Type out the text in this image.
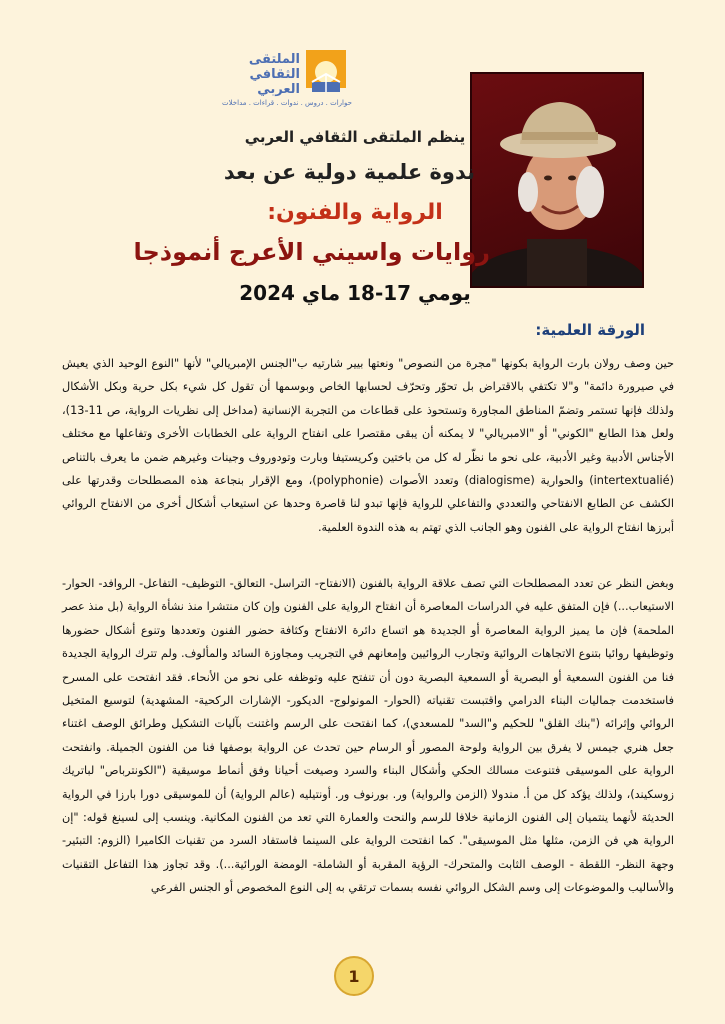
الملتقى الثقافي العربي
حوارات . دروس . ندوات . قراءات . مداخلات
ينظم الملتقى الثقافي العربي
ندوة علمية دولية عن بعد
الرواية والفنون:
روايات واسيني الأعرج أنموذجا
يومي 17-18 ماي 2024
الورقة العلمية:
حين وصف رولان بارت الرواية بكونها "مجرة من النصوص" ونعتها بيير شارتيه ب"الجنس الإمبريالي" لأنها "النوع الوحيد الذي يعيش في صيرورة دائمة" و"لا تكتفي بالاقتراض بل تحوّر وتحرّف لحسابها الخاص وبوسمها أن تقول كل شيء بكل حرية وبكل الأشكال ولذلك فإنها تستمر وتضمّ المناطق المجاورة وتستحوذ على قطاعات من التجربة الإنسانية (مداخل إلى نظريات الرواية، ص 11-13)، ولعل هذا الطابع "الكوني" أو "الامبريالي" لا يمكنه أن يبقى مقتصرا على انفتاح الرواية على الخطابات الأخرى وتفاعلها مع مختلف الأجناس الأدبية وغير الأدبية، على نحو ما نظّر له كل من باختين وكريستيفا وبارت وتودوروف وجينات وغيرهم ضمن ما يعرف بالتناص (intertextualié) والحوارية (dialogisme) وتعدد الأصوات (polyphonie)، ومع الإقرار بنجاعة هذه المصطلحات وقدرتها على الكشف عن الطابع الانفتاحي والتعددي والتفاعلي للرواية فإنها تبدو لنا قاصرة وحدها عن استيعاب أشكال أخرى من الانفتاح الروائي أبرزها انفتاح الرواية على الفنون وهو الجانب الذي تهتم به هذه الندوة العلمية.
وبغض النظر عن تعدد المصطلحات التي تصف علاقة الرواية بالفنون (الانفتاح- التراسل- التعالق- التوظيف- التفاعل- الروافد- الحوار- الاستيعاب...) فإن المتفق عليه في الدراسات المعاصرة أن انفتاح الرواية على الفنون وإن كان منتشرا منذ نشأة الرواية (بل منذ عصر الملحمة) فإن ما يميز الرواية المعاصرة أو الجديدة هو اتساع دائرة الانفتاح وكثافة حضور الفنون وتعددها وتنوع أشكال حضورها وتوظيفها روائيا بتنوع الاتجاهات الروائية وتجارب الروائيين وإمعانهم في التجريب ومجاوزة السائد والمألوف. ولم تترك الرواية الجديدة فنا من الفنون السمعية أو البصرية أو السمعية البصرية دون أن تنفتح عليه وتوظفه على نحو من الأنحاء. فقد انفتحت على المسرح فاستخدمت جماليات البناء الدرامي واقتبست تقنياته (الحوار- المونولوج- الديكور- الإشارات الركحية- المشهدية) لتوسيع المتخيل الروائي وإثرائه ("بنك القلق" للحكيم و"السد" للمسعدي)، كما انفتحت على الرسم واغتنت بآليات التشكيل وطرائق الوصف اغتناء جعل هنري جيمس لا يفرق بين الرواية ولوحة المصور أو الرسام حين تحدث عن الرواية بوصفها فنا من الفنون الجميلة. وانفتحت الرواية على الموسيقى فتنوعت مسالك الحكي وأشكال البناء والسرد وصيغت أحيانا وفق أنماط موسيقية ("الكونترباص" لباتريك زوسكيند)، ولذلك يؤكد كل من أ. مندولا (الزمن والرواية) ور. بورنوف ور. أونتيليه (عالم الرواية) أن للموسيقى دورا بارزا في الرواية الحديثة لأنهما ينتميان إلى الفنون الزمانية خلافا للرسم والنحت والعمارة التي تعد من الفنون المكانية. وينسب إلى لسينغ قوله: "إن الرواية هي فن الزمن، مثلها مثل الموسيقى". كما انفتحت الرواية على السينما فاستفاد السرد من تقنيات الكاميرا (الزوم: التبئير- وجهة النظر- اللقطة - الوصف الثابت والمتحرك- الرؤية المقربة أو الشاملة- الومضة الورائية...). وقد تجاوز هذا التفاعل التقنيات والأساليب والموضوعات إلى وسم الشكل الروائي نفسه بسمات ترتقي به إلى النوع المخصوص أو الجنس الفرعي
1
